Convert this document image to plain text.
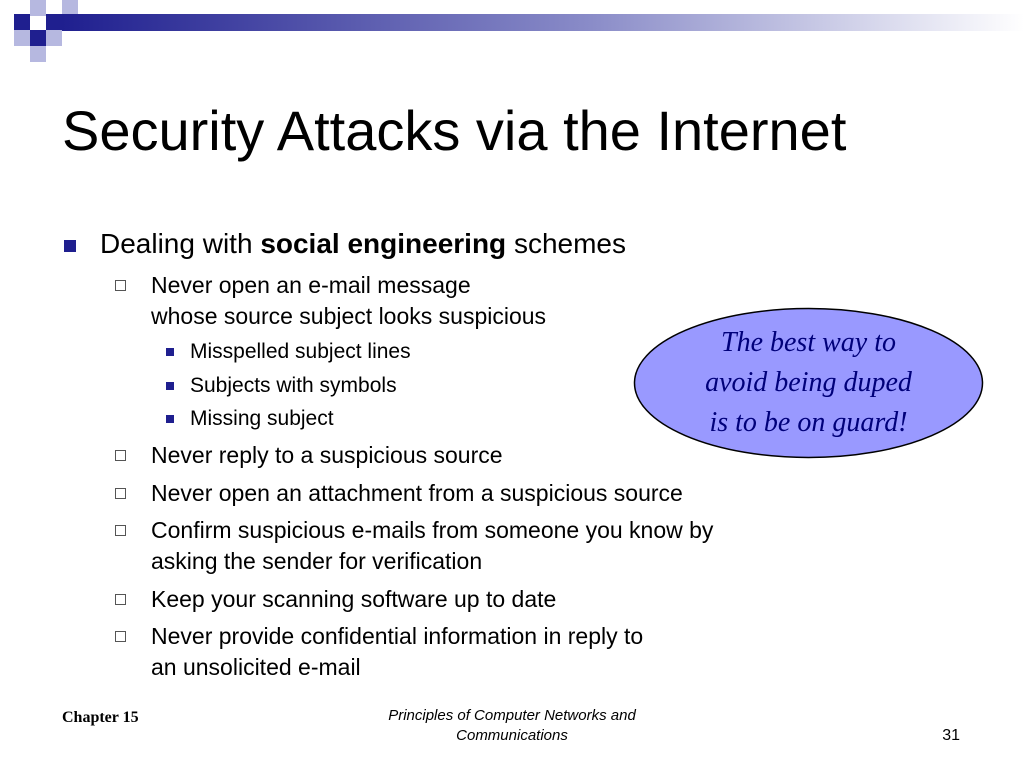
Security Attacks via the Internet
Dealing with social engineering schemes
Never open an e-mail message
whose source subject looks suspicious
Misspelled subject lines
Subjects with symbols
Missing subject
Never reply to a suspicious source
Never open an attachment from a suspicious source
Confirm suspicious e-mails from someone you know by
asking the sender for verification
Keep your scanning software up to date
Never provide confidential information in reply to
an unsolicited e-mail
The best way to
avoid being duped
is to be on guard!
Chapter 15	Principles of Computer Networks and
Communications	31
